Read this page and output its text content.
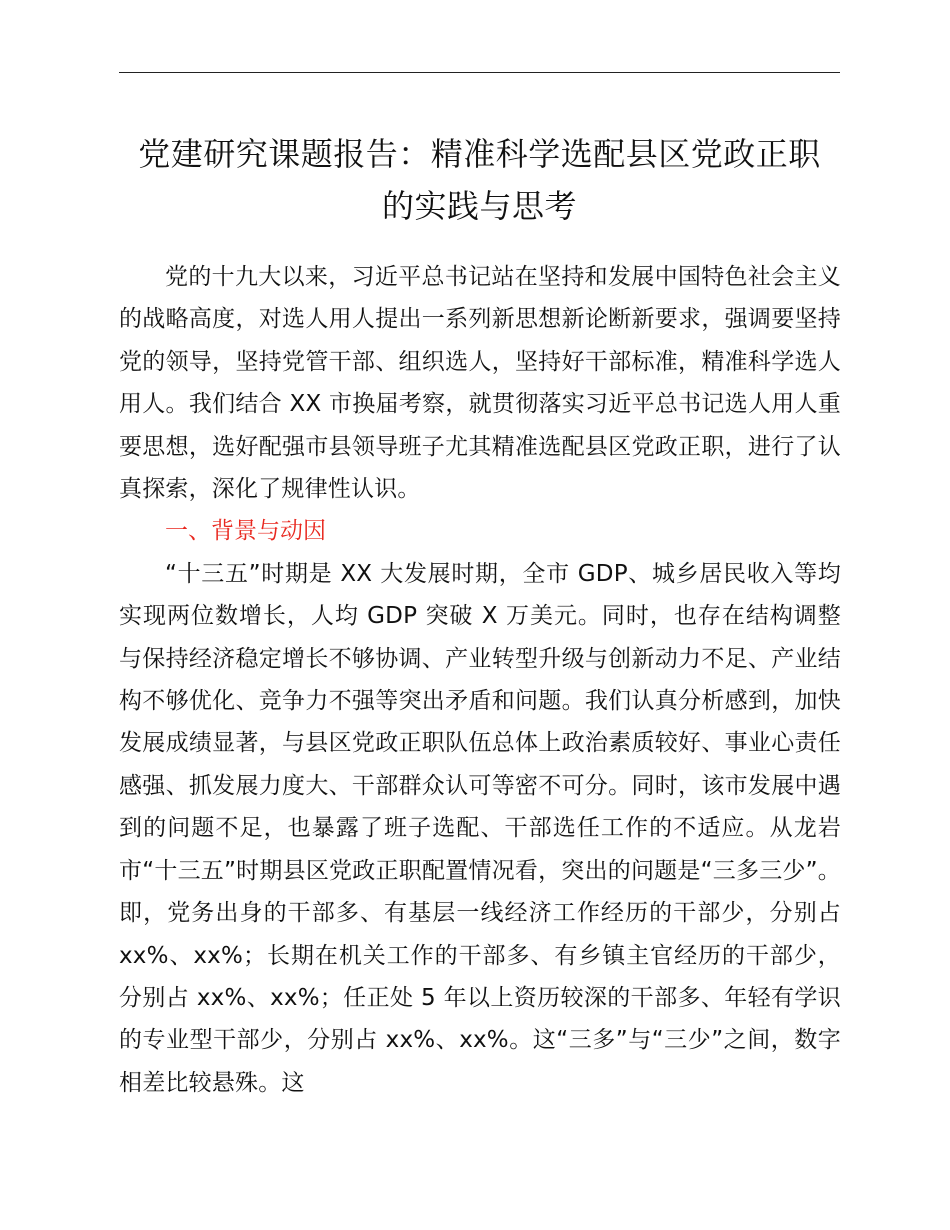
党建研究课题报告：精准科学选配县区党政正职
的实践与思考

党的十九大以来，习近平总书记站在坚持和发展中国特色社会主义的战略高度，对选人用人提出一系列新思想新论断新要求，强调要坚持党的领导，坚持党管干部、组织选人，坚持好干部标准，精准科学选人用人。我们结合 XX 市换届考察，就贯彻落实习近平总书记选人用人重要思想，选好配强市县领导班子尤其精准选配县区党政正职，进行了认真探索，深化了规律性认识。

一、背景与动因

“十三五”时期是 XX 大发展时期，全市 GDP、城乡居民收入等均实现两位数增长，人均 GDP 突破 X 万美元。同时，也存在结构调整与保持经济稳定增长不够协调、产业转型升级与创新动力不足、产业结构不够优化、竞争力不强等突出矛盾和问题。我们认真分析感到，加快发展成绩显著，与县区党政正职队伍总体上政治素质较好、事业心责任感强、抓发展力度大、干部群众认可等密不可分。同时，该市发展中遇到的问题不足，也暴露了班子选配、干部选任工作的不适应。从龙岩市“十三五”时期县区党政正职配置情况看，突出的问题是“三多三少”。即，党务出身的干部多、有基层一线经济工作经历的干部少，分别占 xx%、xx%；长期在机关工作的干部多、有乡镇主官经历的干部少，分别占 xx%、xx%；任正处 5 年以上资历较深的干部多、年轻有学识的专业型干部少，分别占 xx%、xx%。这“三多”与“三少”之间，数字相差比较悬殊。这
